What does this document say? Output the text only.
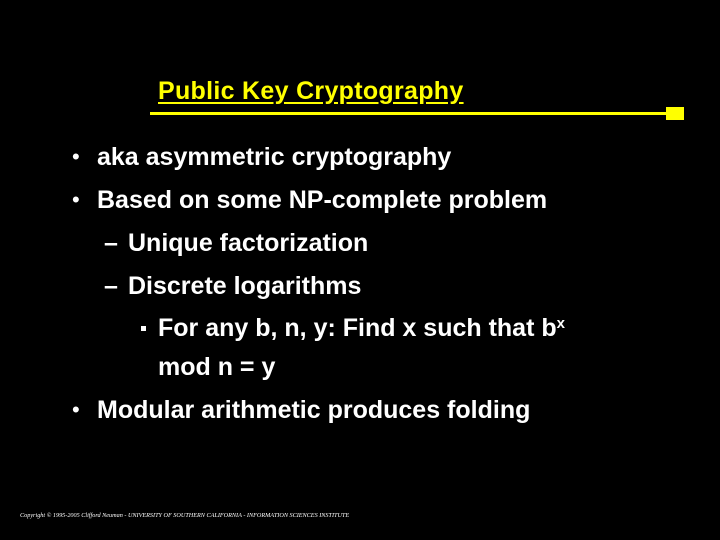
Public Key Cryptography
• aka asymmetric cryptography
• Based on some NP-complete problem
– Unique factorization
– Discrete logarithms
For any b, n, y: Find x such that $b^x$
mod n = y
• Modular arithmetic produces folding
Copyright © 1995-2005 Clifford Neuman - UNIVERSITY OF SOUTHERN CALIFORNIA - INFORMATION SCIENCES INSTITUTE
